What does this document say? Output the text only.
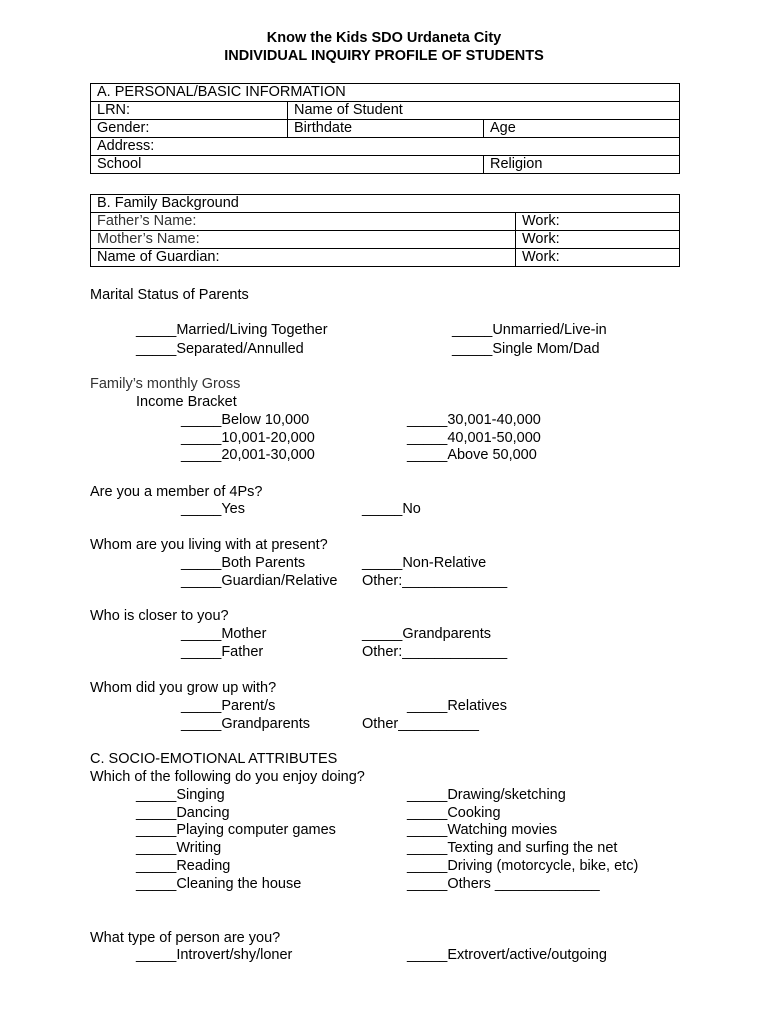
Know the Kids SDO Urdaneta City
INDIVIDUAL INQUIRY PROFILE OF STUDENTS
A. PERSONAL/BASIC INFORMATION		
LRN:	Name of Student	
Gender:	Birthdate	Age
Address:		
School		Religion
B. Family Background	
Father’s Name:	Work:
Mother’s Name:	Work:
Name of Guardian:	Work:
Marital Status of Parents
_____Married/Living Together
_____Separated/Annulled
_____Unmarried/Live-in
_____Single Mom/Dad
Family’s monthly Gross
Income Bracket
_____Below 10,000
_____10,001-20,000
_____20,001-30,000
_____30,001-40,000
_____40,001-50,000
_____Above 50,000
Are you a member of 4Ps?
_____Yes	_____No
Whom are you living with at present?
_____Both Parents
_____Guardian/Relative
_____Non-Relative
Other:_____________
Who is closer to you?
_____Mother
_____Father
_____Grandparents
Other:_____________
Whom did you grow up with?
_____Parent/s
_____Grandparents
_____Relatives
Other__________
C. SOCIO-EMOTIONAL ATTRIBUTES
Which of the following do you enjoy doing?
_____Singing
_____Dancing
_____Playing computer games
_____Writing
_____Reading
_____Cleaning the house
_____Drawing/sketching
_____Cooking
_____Watching movies
_____Texting and surfing the net
_____Driving (motorcycle, bike, etc)
_____Others _____________
What type of person are you?
_____Introvert/shy/loner	_____Extrovert/active/outgoing
